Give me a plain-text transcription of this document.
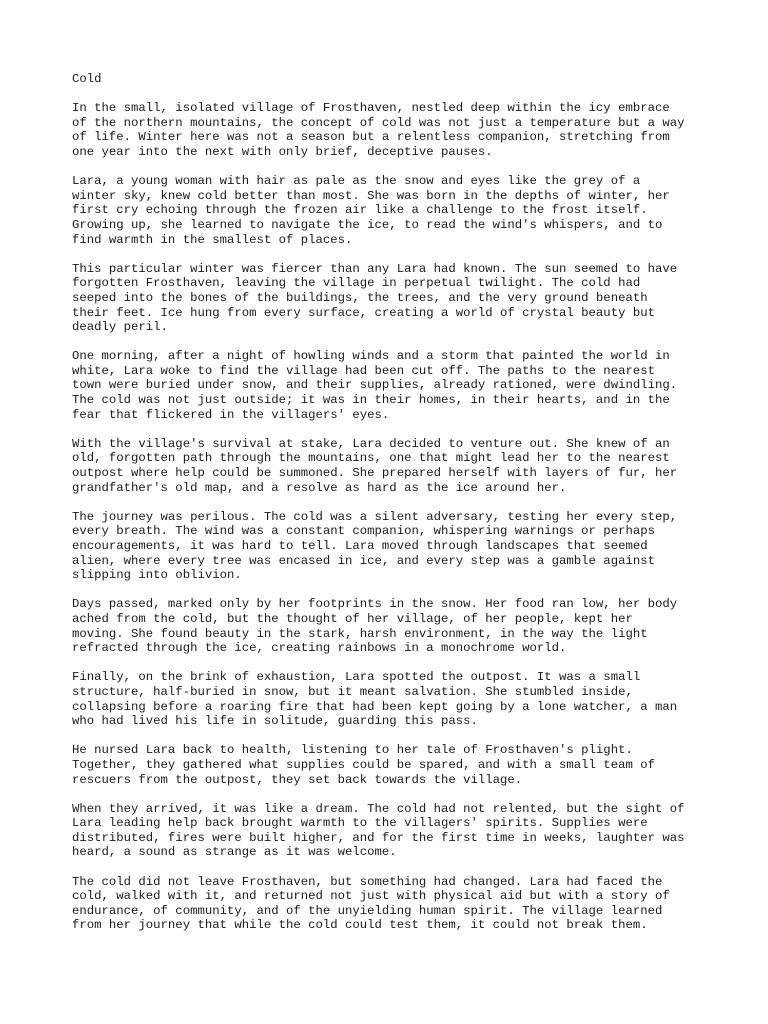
Cold
In the small, isolated village of Frosthaven, nestled deep within the icy embrace
of the northern mountains, the concept of cold was not just a temperature but a way
of life. Winter here was not a season but a relentless companion, stretching from
one year into the next with only brief, deceptive pauses.
Lara, a young woman with hair as pale as the snow and eyes like the grey of a
winter sky, knew cold better than most. She was born in the depths of winter, her
first cry echoing through the frozen air like a challenge to the frost itself.
Growing up, she learned to navigate the ice, to read the wind's whispers, and to
find warmth in the smallest of places.
This particular winter was fiercer than any Lara had known. The sun seemed to have
forgotten Frosthaven, leaving the village in perpetual twilight. The cold had
seeped into the bones of the buildings, the trees, and the very ground beneath
their feet. Ice hung from every surface, creating a world of crystal beauty but
deadly peril.
One morning, after a night of howling winds and a storm that painted the world in
white, Lara woke to find the village had been cut off. The paths to the nearest
town were buried under snow, and their supplies, already rationed, were dwindling.
The cold was not just outside; it was in their homes, in their hearts, and in the
fear that flickered in the villagers' eyes.
With the village's survival at stake, Lara decided to venture out. She knew of an
old, forgotten path through the mountains, one that might lead her to the nearest
outpost where help could be summoned. She prepared herself with layers of fur, her
grandfather's old map, and a resolve as hard as the ice around her.
The journey was perilous. The cold was a silent adversary, testing her every step,
every breath. The wind was a constant companion, whispering warnings or perhaps
encouragements, it was hard to tell. Lara moved through landscapes that seemed
alien, where every tree was encased in ice, and every step was a gamble against
slipping into oblivion.
Days passed, marked only by her footprints in the snow. Her food ran low, her body
ached from the cold, but the thought of her village, of her people, kept her
moving. She found beauty in the stark, harsh environment, in the way the light
refracted through the ice, creating rainbows in a monochrome world.
Finally, on the brink of exhaustion, Lara spotted the outpost. It was a small
structure, half-buried in snow, but it meant salvation. She stumbled inside,
collapsing before a roaring fire that had been kept going by a lone watcher, a man
who had lived his life in solitude, guarding this pass.
He nursed Lara back to health, listening to her tale of Frosthaven's plight.
Together, they gathered what supplies could be spared, and with a small team of
rescuers from the outpost, they set back towards the village.
When they arrived, it was like a dream. The cold had not relented, but the sight of
Lara leading help back brought warmth to the villagers' spirits. Supplies were
distributed, fires were built higher, and for the first time in weeks, laughter was
heard, a sound as strange as it was welcome.
The cold did not leave Frosthaven, but something had changed. Lara had faced the
cold, walked with it, and returned not just with physical aid but with a story of
endurance, of community, and of the unyielding human spirit. The village learned
from her journey that while the cold could test them, it could not break them.
